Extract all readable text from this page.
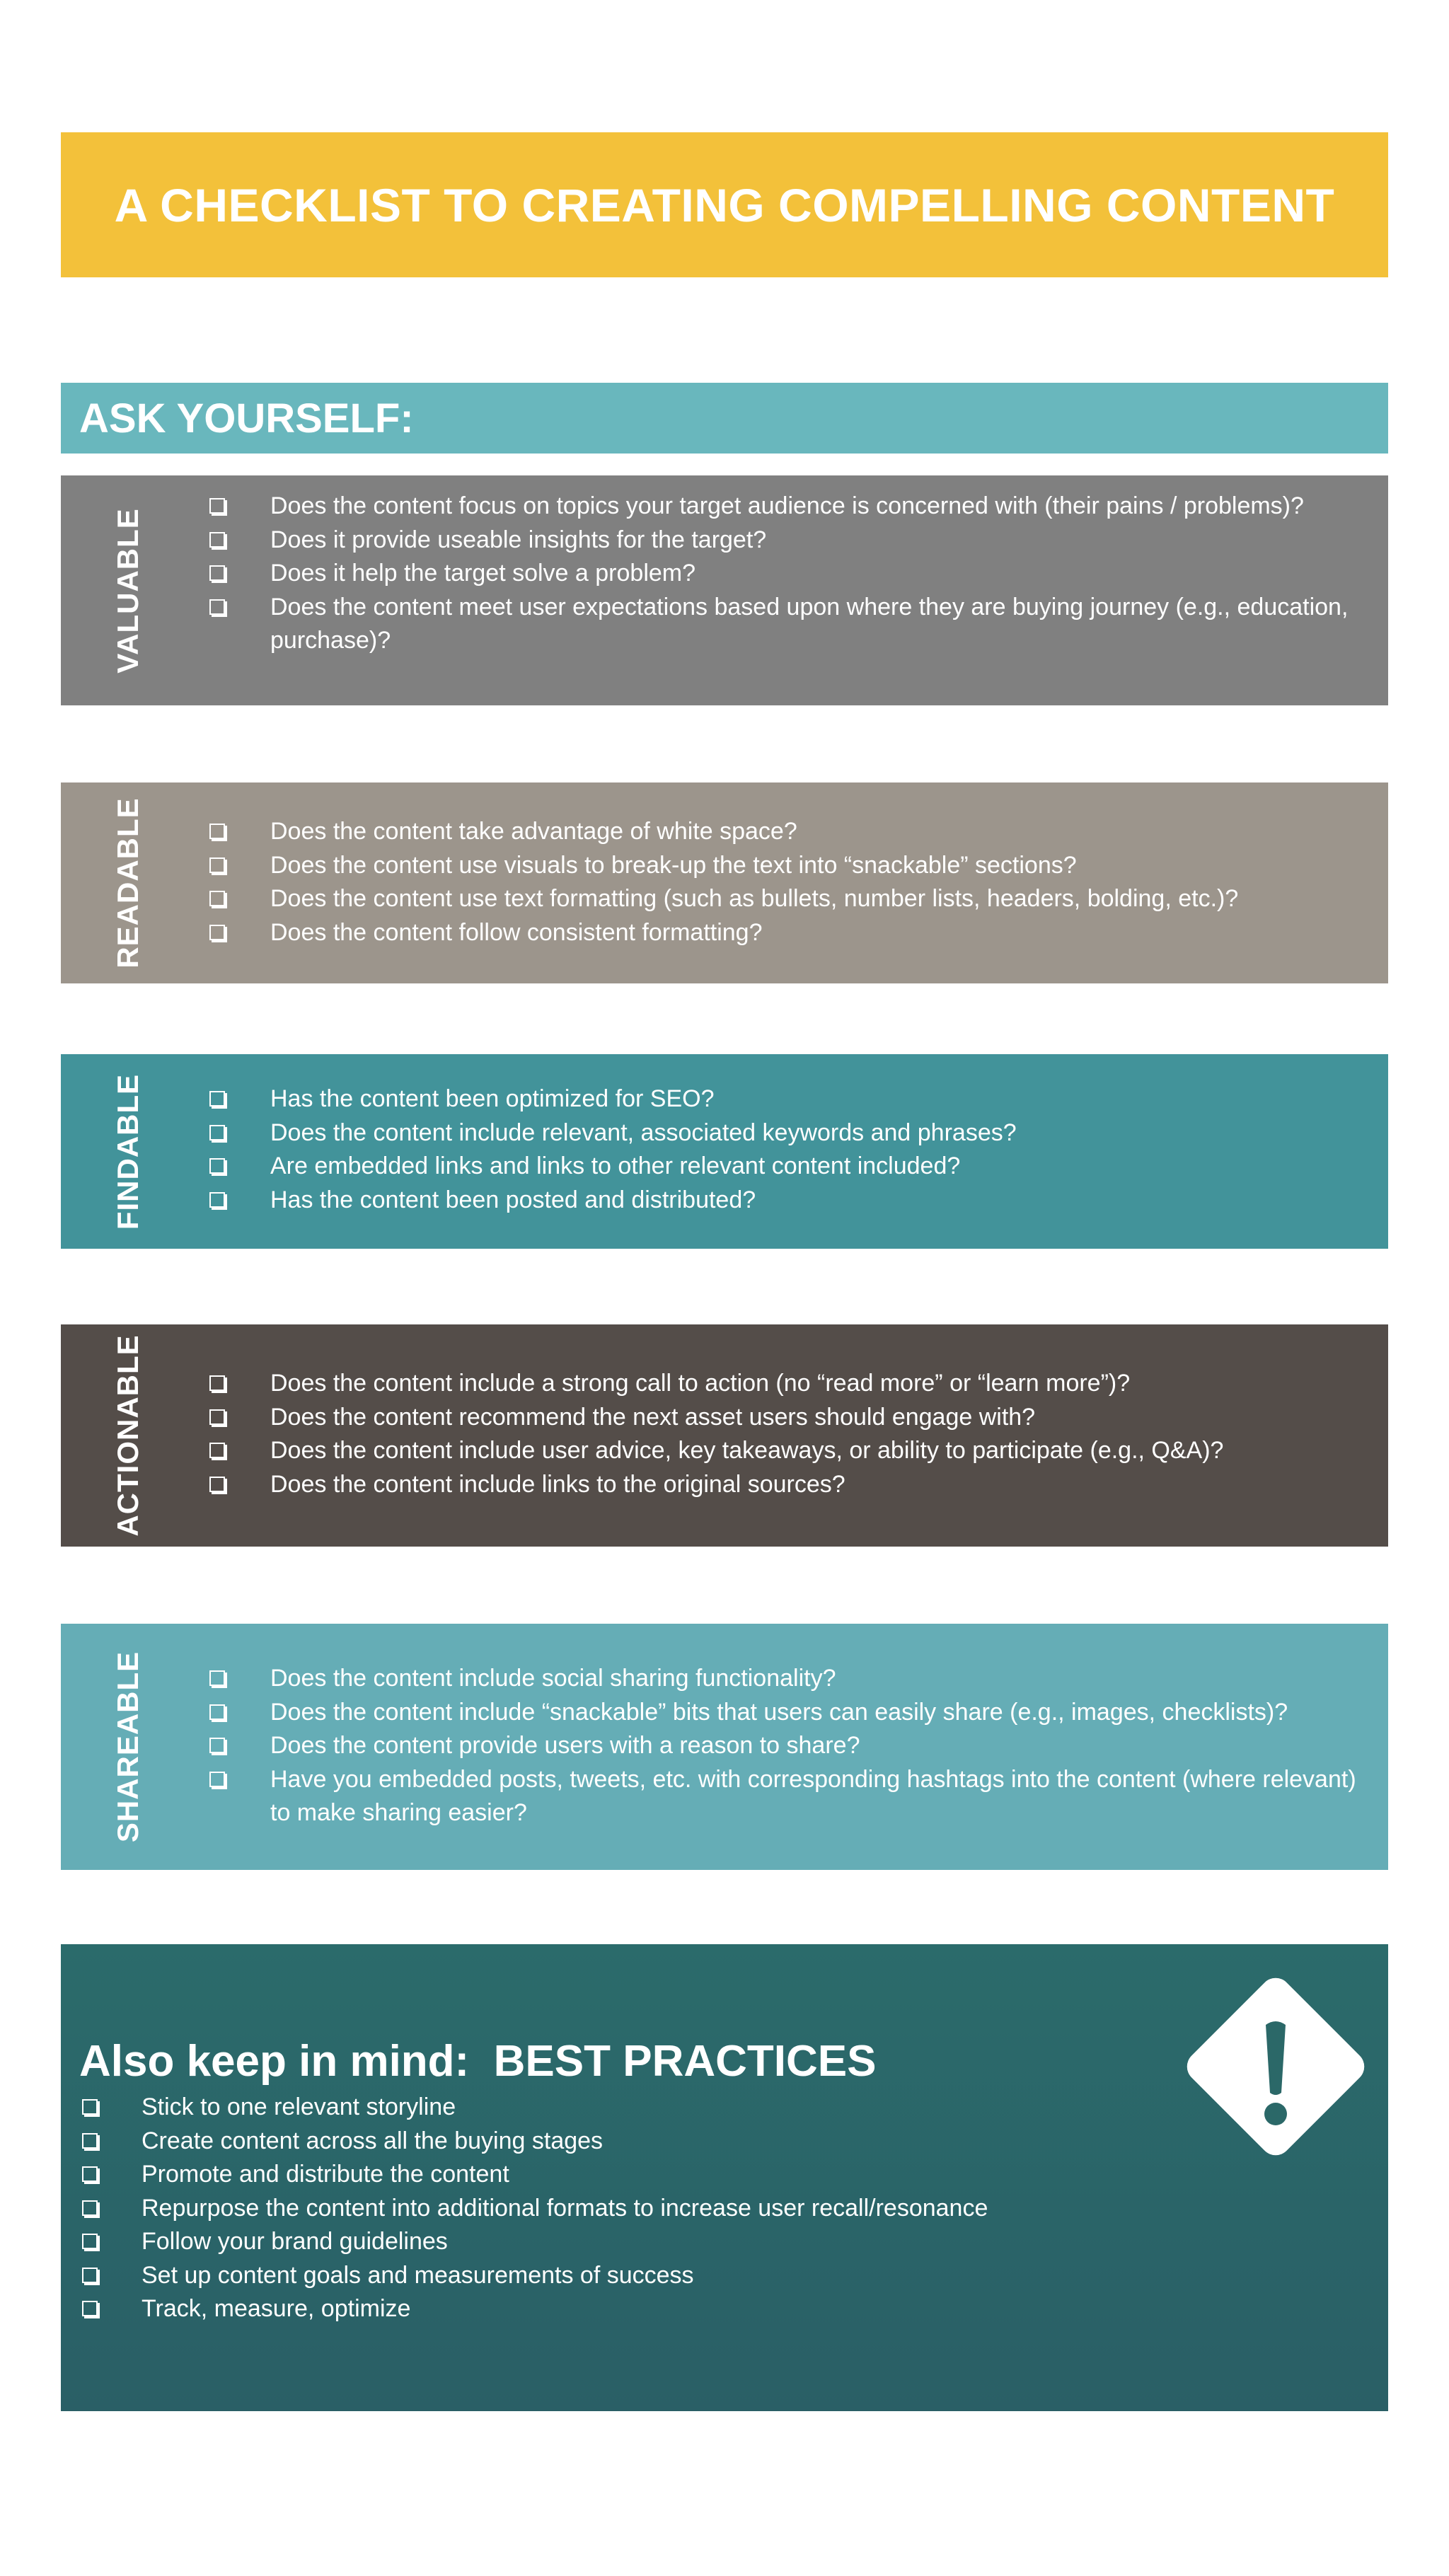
A CHECKLIST TO CREATING COMPELLING CONTENT
ASK YOURSELF:
VALUABLE
Does the content focus on topics your target audience is concerned with (their pains / problems)?
Does it provide useable insights for the target?
Does it help the target solve a problem?
Does the content meet user expectations based upon where they are buying journey (e.g., education, purchase)?
READABLE	Does the content take advantage of white space?
Does the content use visuals to break-up the text into “snackable” sections?
Does the content use text formatting (such as bullets, number lists, headers, bolding, etc.)?
Does the content follow consistent formatting?
FINDABLE	Has the content been optimized for SEO?
Does the content include relevant, associated keywords and phrases?
Are embedded links and links to other relevant content included?
Has the content been posted and distributed?
ACTIONABLE	Does the content include a strong call to action (no “read more” or “learn more”)?
Does the content recommend the next asset users should engage with?
Does the content include user advice, key takeaways, or ability to participate (e.g., Q&A)?
Does the content include links to the original sources?
SHAREABLE	Does the content include social sharing functionality?
Does the content include “snackable” bits that users can easily share (e.g., images, checklists)?
Does the content provide users with a reason to share?
Have you embedded posts, tweets, etc. with corresponding hashtags into the content (where relevant) to make sharing easier?
Also keep in mind: BEST PRACTICES
Stick to one relevant storyline
Create content across all the buying stages
Promote and distribute the content
Repurpose the content into additional formats to increase user recall/resonance
Follow your brand guidelines
Set up content goals and measurements of success
Track, measure, optimize
